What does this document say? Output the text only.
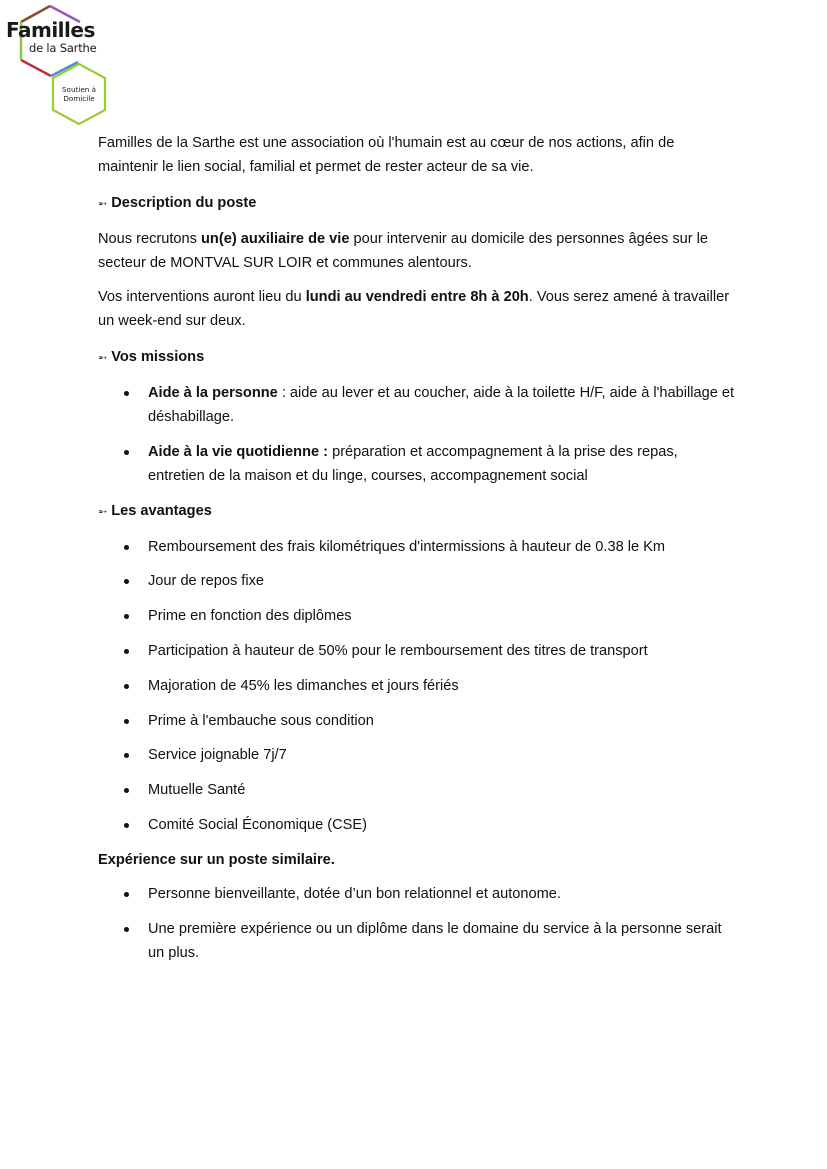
Familles
de la Sarthe
Soutien à
Domicile

Familles de la Sarthe est une association où l'humain est au cœur de nos actions, afin de maintenir le lien social, familial et permet de rester acteur de sa vie.

➵ Description du poste

Nous recrutons un(e) auxiliaire de vie pour intervenir au domicile des personnes âgées sur le secteur de MONTVAL SUR LOIR et communes alentours.

Vos interventions auront lieu du lundi au vendredi entre 8h à 20h. Vous serez amené à travailler un week-end sur deux.

➵ Vos missions

Aide à la personne : aide au lever et au coucher, aide à la toilette H/F, aide à l'habillage et déshabillage.
Aide à la vie quotidienne : préparation et accompagnement à la prise des repas, entretien de la maison et du linge, courses, accompagnement social

➵ Les avantages

Remboursement des frais kilométriques d'intermissions à hauteur de 0.38 le Km
Jour de repos fixe
Prime en fonction des diplômes
Participation à hauteur de 50% pour le remboursement des titres de transport
Majoration de 45% les dimanches et jours fériés
Prime à l'embauche sous condition
Service joignable 7j/7
Mutuelle Santé
Comité Social Économique (CSE)

Expérience sur un poste similaire.

Personne bienveillante, dotée d’un bon relationnel et autonome.
Une première expérience ou un diplôme dans le domaine du service à la personne serait un plus.
